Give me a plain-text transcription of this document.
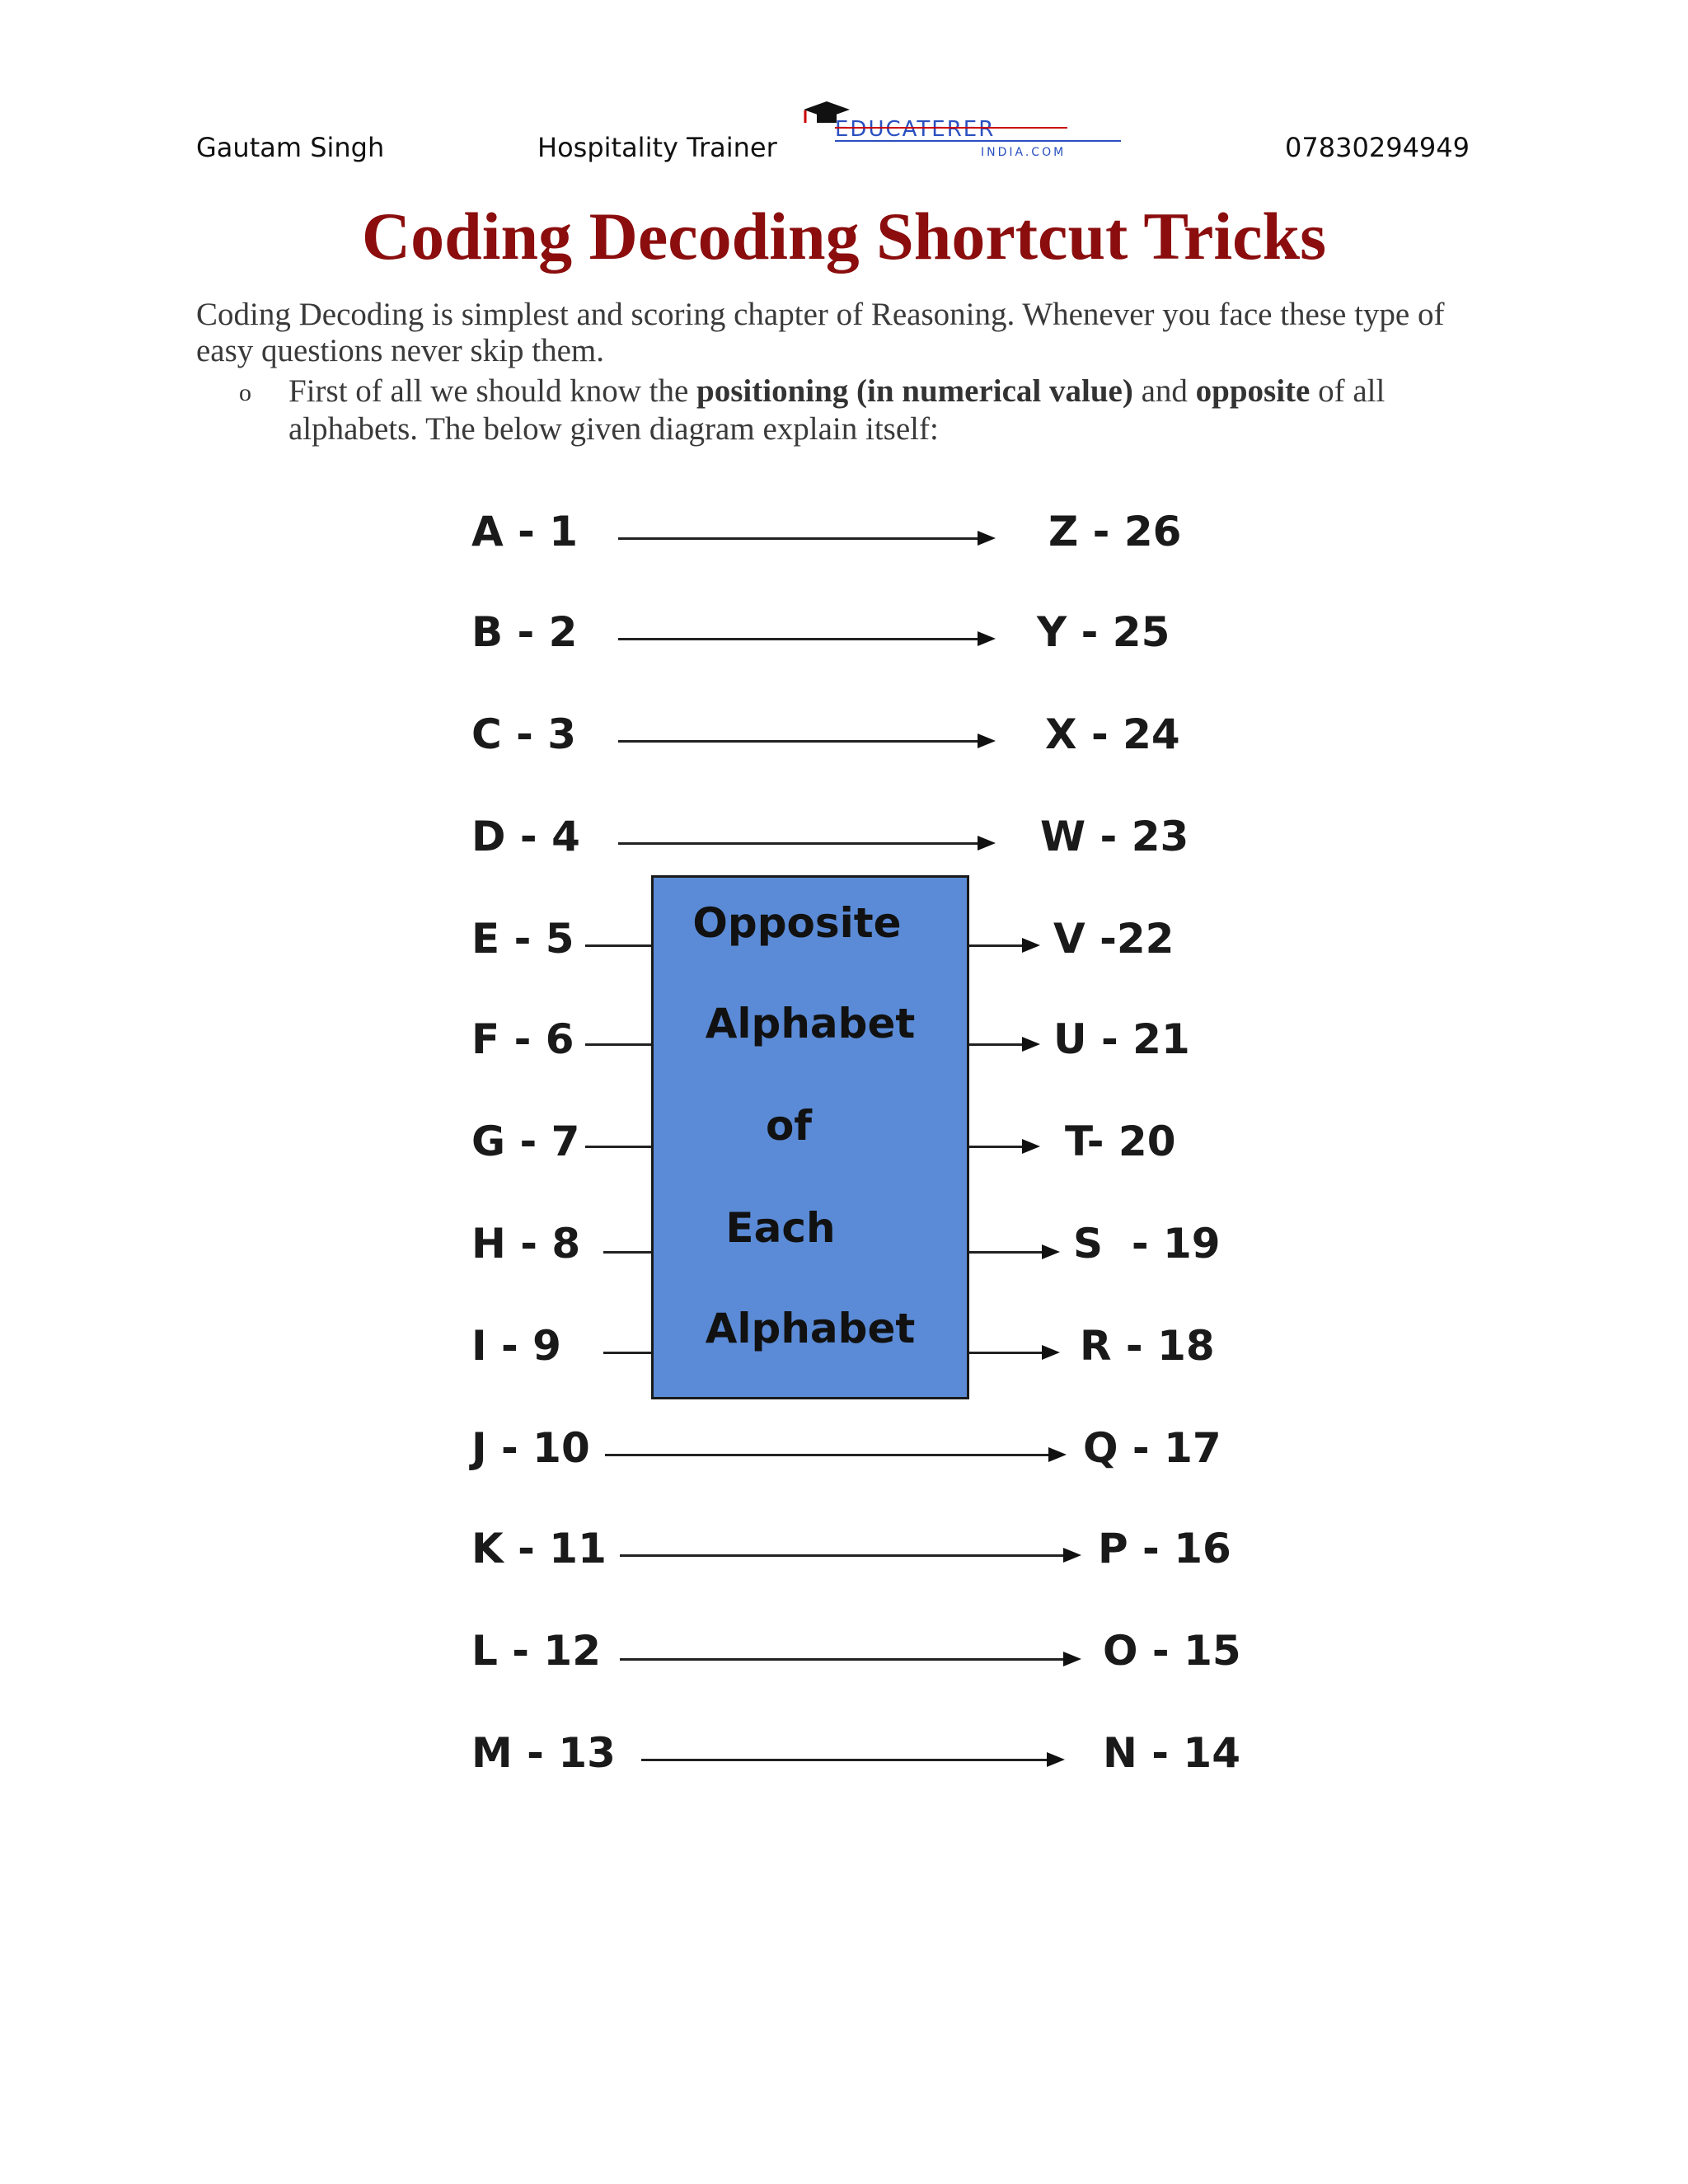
Gautam Singh	Hospitality Trainer
EDUCATERER
INDIA.COM	07830294949
Coding Decoding Shortcut Tricks

Coding Decoding is simplest and scoring chapter of Reasoning. Whenever you face these type of easy questions never skip them.

o First of all we should know the positioning (in numerical value) and opposite of all alphabets. The below given diagram explain itself:
A - 1	Z - 26
B - 2	Y - 25
C - 3	X - 24
D - 4	W - 23
Opposite
Alphabet
of
Each
Alphabet
E - 5	V -22
F - 6	U - 21
G - 7	T- 20
H - 8	S  - 19
I - 9	R - 18
J - 10	Q - 17
K - 11	P - 16
L - 12	O - 15
M - 13	N - 14
